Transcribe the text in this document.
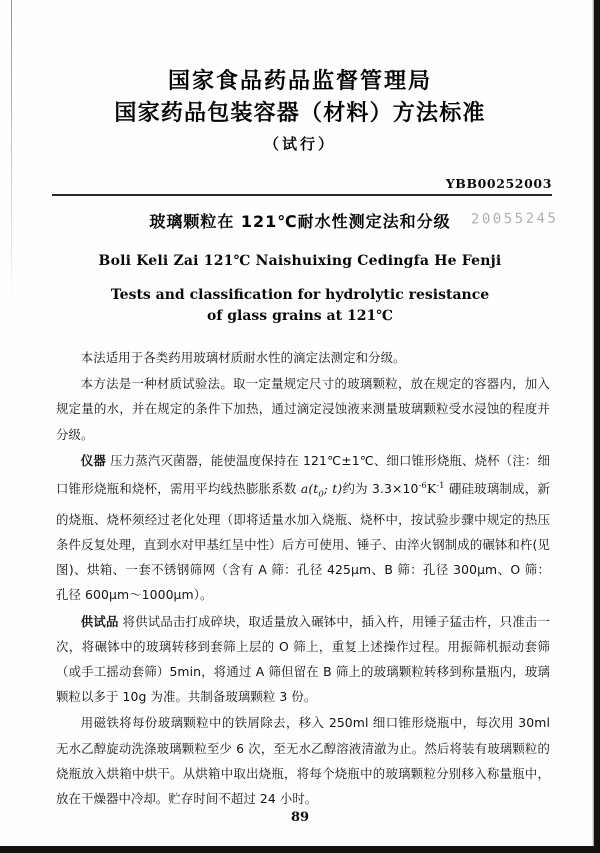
国家食品药品监督管理局
国家药品包装容器（材料）方法标准
（试行）
YBB00252003
玻璃颗粒在 121℃耐水性测定法和分级	20055245
Boli Keli Zai 121℃ Naishuixing Cedingfa He Fenji
Tests and classification for hydrolytic resistance
of glass grains at 121℃

本法适用于各类药用玻璃材质耐水性的滴定法测定和分级。

本方法是一种材质试验法。取一定量规定尺寸的玻璃颗粒，放在规定的容器内，加入规定量的水，并在规定的条件下加热，通过滴定浸蚀液来测量玻璃颗粒受水浸蚀的程度并分级。

仪器 压力蒸汽灭菌器，能使温度保持在 121℃±1℃、细口锥形烧瓶、烧杯（注：细口锥形烧瓶和烧杯，需用平均线热膨胀系数 $a(t_0$; t)约为 $3.3\times 10^{-6}K^{-1}$ 硼硅玻璃制成，新的烧瓶、烧杯须经过老化处理（即将适量水加入烧瓶、烧杯中，按试验步骤中规定的热压条件反复处理，直到水对甲基红呈中性）后方可使用、锤子、由淬火钢制成的碾钵和杵(见图)、烘箱、一套不锈钢筛网（含有 A 筛：孔径 425μm、B 筛：孔径 300μm、O 筛：孔径 600μm～1000μm）。

供试品 将供试品击打成碎块，取适量放入碾钵中，插入杵，用锤子猛击杵，只准击一次，将碾钵中的玻璃转移到套筛上层的 O 筛上，重复上述操作过程。用振筛机振动套筛（或手工摇动套筛）5min，将通过 A 筛但留在 B 筛上的玻璃颗粒转移到称量瓶内，玻璃颗粒以多于 10g 为准。共制备玻璃颗粒 3 份。

用磁铁将每份玻璃颗粒中的铁屑除去，移入 250ml 细口锥形烧瓶中，每次用 30ml 无水乙醇旋动洗涤玻璃颗粒至少 6 次，至无水乙醇溶液清澈为止。然后将装有玻璃颗粒的烧瓶放入烘箱中烘干。从烘箱中取出烧瓶，将每个烧瓶中的玻璃颗粒分别移入称量瓶中，放在干燥器中冷却。贮存时间不超过 24 小时。

89
